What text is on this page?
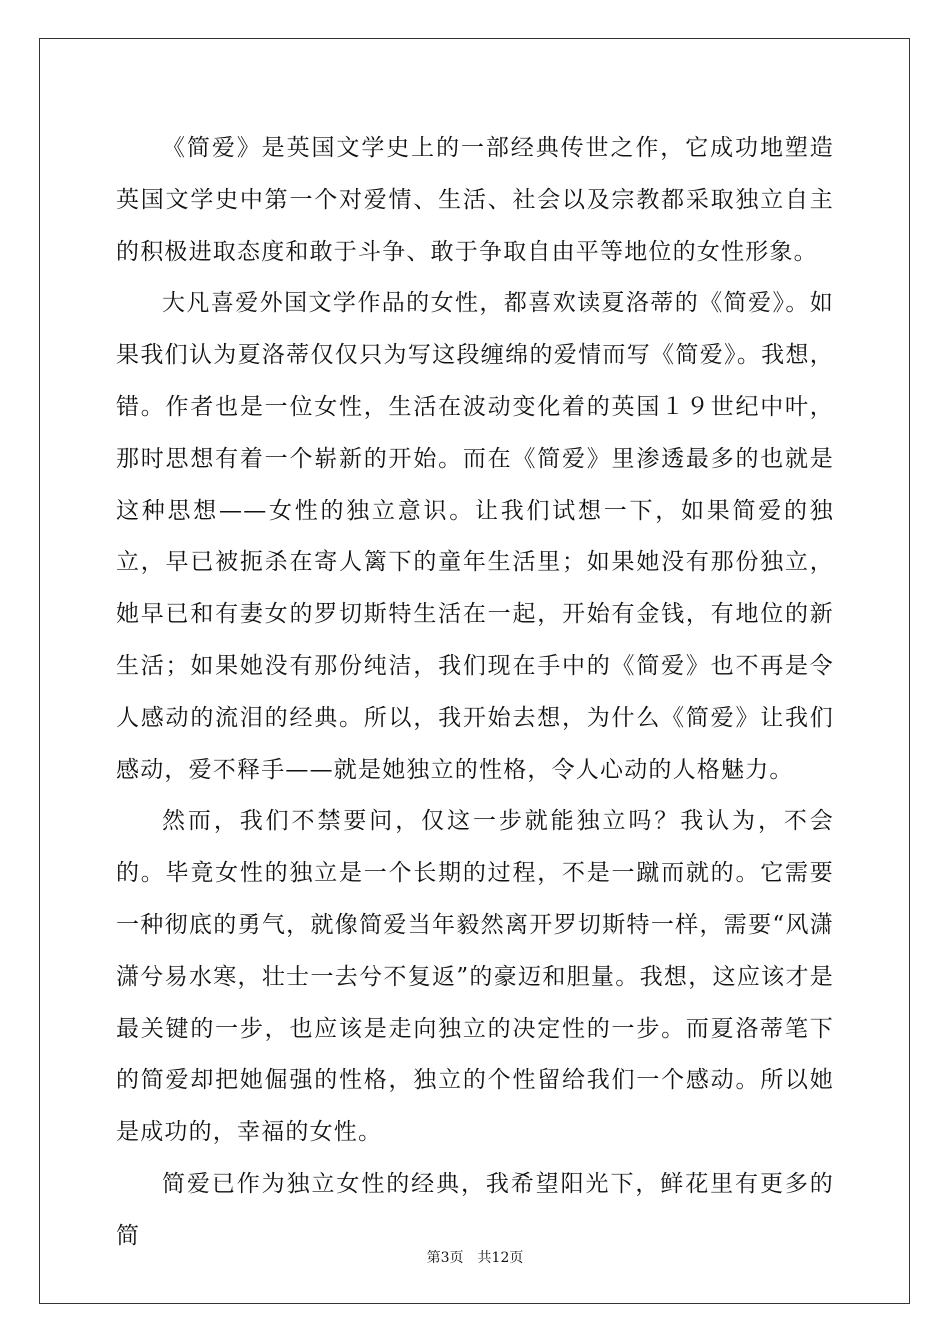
《简爱》是英国文学史上的一部经典传世之作，它成功地塑造英国文学史中第一个对爱情、生活、社会以及宗教都采取独立自主的积极进取态度和敢于斗争、敢于争取自由平等地位的女性形象。

大凡喜爱外国文学作品的女性，都喜欢读夏洛蒂的《简爱》。如果我们认为夏洛蒂仅仅只为写这段缠绵的爱情而写《简爱》。我想，错。作者也是一位女性，生活在波动变化着的英国１９世纪中叶，那时思想有着一个崭新的开始。而在《简爱》里渗透最多的也就是这种思想——女性的独立意识。让我们试想一下，如果简爱的独立，早已被扼杀在寄人篱下的童年生活里；如果她没有那份独立，她早已和有妻女的罗切斯特生活在一起，开始有金钱，有地位的新生活；如果她没有那份纯洁，我们现在手中的《简爱》也不再是令人感动的流泪的经典。所以，我开始去想，为什么《简爱》让我们感动，爱不释手——就是她独立的性格，令人心动的人格魅力。

然而，我们不禁要问，仅这一步就能独立吗？我认为，不会的。毕竟女性的独立是一个长期的过程，不是一蹴而就的。它需要一种彻底的勇气，就像简爱当年毅然离开罗切斯特一样，需要“风潇潇兮易水寒，壮士一去兮不复返”的豪迈和胆量。我想，这应该才是最关键的一步，也应该是走向独立的决定性的一步。而夏洛蒂笔下的简爱却把她倔强的性格，独立的个性留给我们一个感动。所以她是成功的，幸福的女性。

简爱已作为独立女性的经典，我希望阳光下，鲜花里有更多的简

第3页 共12页
